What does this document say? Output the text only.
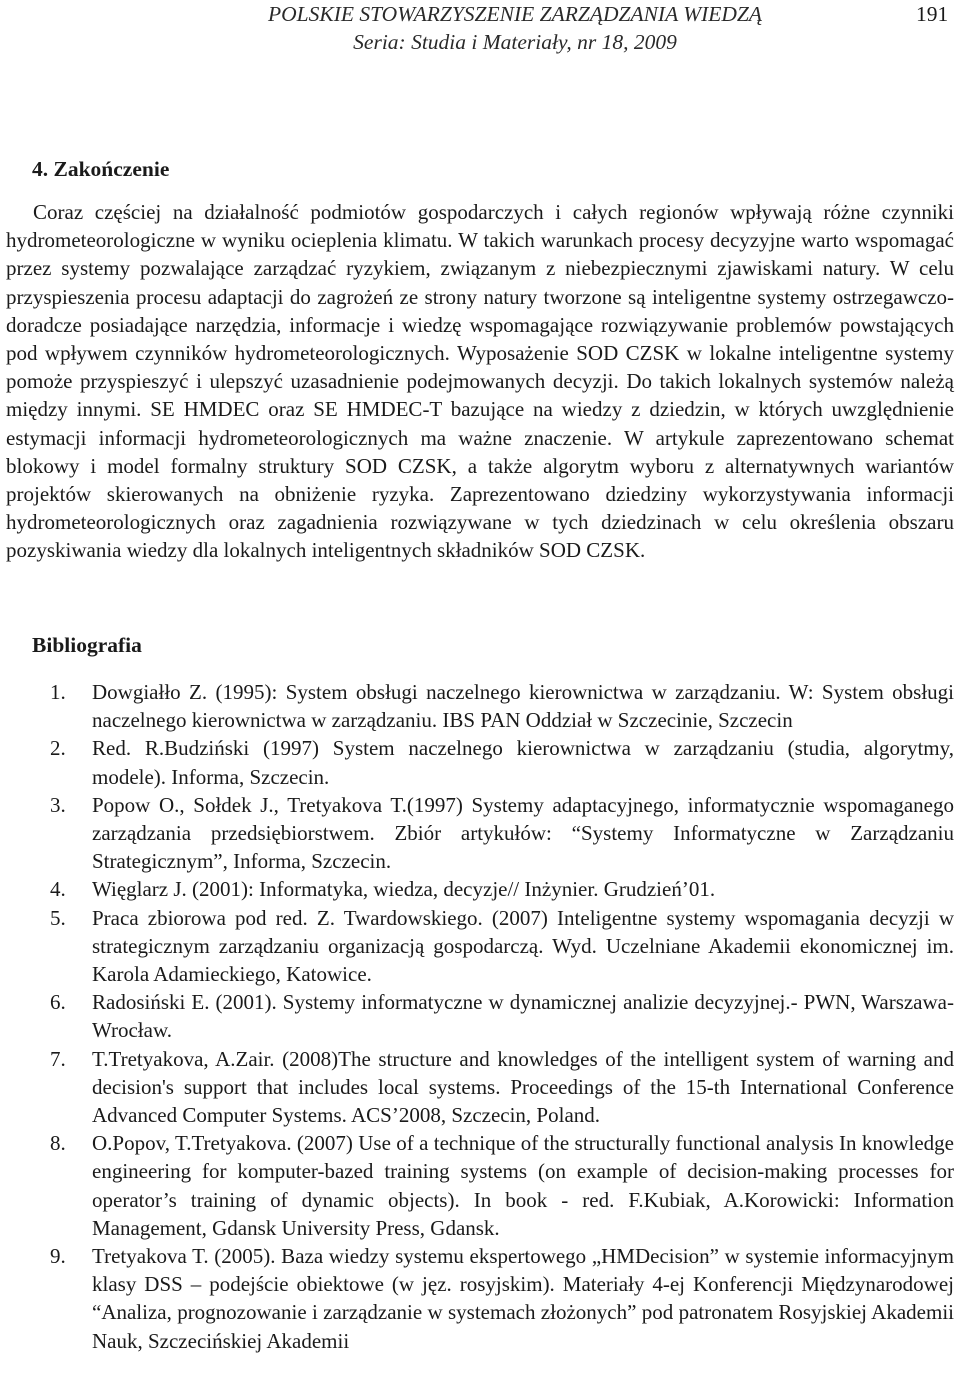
POLSKIE STOWARZYSZENIE ZARZĄDZANIA WIEDZĄ
Seria: Studia i Materiały, nr 18, 2009
191
4. Zakończenie

Coraz częściej na działalność podmiotów gospodarczych i całych regionów wpływają różne czynniki hydrometeorologiczne w wyniku ocieplenia klimatu. W takich warunkach procesy decyzyjne warto wspomagać przez systemy pozwalające zarządzać ryzykiem, związanym z niebezpiecznymi zjawiskami natury. W celu przyspieszenia procesu adaptacji do zagrożeń ze strony natury tworzone są inteligentne systemy ostrzegawczo-doradcze posiadające narzędzia, informacje i wiedzę wspomagające rozwiązywanie problemów powstających pod wpływem czynników hydrometeorologicznych. Wyposażenie SOD CZSK w lokalne inteligentne systemy pomoże przyspieszyć i ulepszyć uzasadnienie podejmowanych decyzji. Do takich lokalnych systemów należą między innymi. SE HMDEC oraz SE HMDEC-T bazujące na wiedzy z dziedzin, w których uwzględnienie estymacji informacji hydrometeorologicznych ma ważne znaczenie. W artykule zaprezentowano schemat blokowy i model formalny struktury SOD CZSK, a także algorytm wyboru z alternatywnych wariantów projektów skierowanych na obniżenie ryzyka. Zaprezentowano dziedziny wykorzystywania informacji hydrometeorologicznych oraz zagadnienia rozwiązywane w tych dziedzinach w celu określenia obszaru pozyskiwania wiedzy dla lokalnych inteligentnych składników SOD CZSK.

Bibliografia
1. Dowgiałło Z. (1995): System obsługi naczelnego kierownictwa w zarządzaniu. W: System obsługi naczelnego kierownictwa w zarządzaniu. IBS PAN Oddział w Szczecinie, Szczecin
2. Red. R.Budziński (1997) System naczelnego kierownictwa w zarządzaniu (studia, algorytmy, modele). Informa, Szczecin.
3. Popow O., Sołdek J., Tretyakova T.(1997) Systemy adaptacyjnego, informatycznie wspomaganego zarządzania przedsiębiorstwem. Zbiór artykułów: “Systemy Informatyczne w Zarządzaniu Strategicznym”, Informa, Szczecin.
4. Więglarz J. (2001): Informatyka, wiedza, decyzje// Inżynier. Grudzień’01.
5. Praca zbiorowa pod red. Z. Twardowskiego. (2007) Inteligentne systemy wspomagania decyzji w strategicznym zarządzaniu organizacją gospodarczą. Wyd. Uczelniane Akademii ekonomicznej im. Karola Adamieckiego, Katowice.
6. Radosiński E. (2001). Systemy informatyczne w dynamicznej analizie decyzyjnej.- PWN, Warszawa-Wrocław.
7. T.Tretyakova, A.Zair. (2008)The structure and knowledges of the intelligent system of warning and decision's support that includes local systems. Proceedings of the 15-th International Conference Advanced Computer Systems. ACS’2008, Szczecin, Poland.
8. O.Popov, T.Tretyakova. (2007) Use of a technique of the structurally functional analysis In knowledge engineering for komputer-bazed training systems (on example of decision-making processes for operator’s training of dynamic objects). In book - red. F.Kubiak, A.Korowicki: Information Management, Gdansk University Press, Gdansk.
9. Tretyakova T. (2005). Baza wiedzy systemu ekspertowego „HMDecision” w systemie informacyjnym klasy DSS – podejście obiektowe (w jęz. rosyjskim). Materiały 4-ej Konferencji Międzynarodowej “Analiza, prognozowanie i zarządzanie w systemach złożonych” pod patronatem Rosyjskiej Akademii Nauk, Szczecińskiej Akademii
